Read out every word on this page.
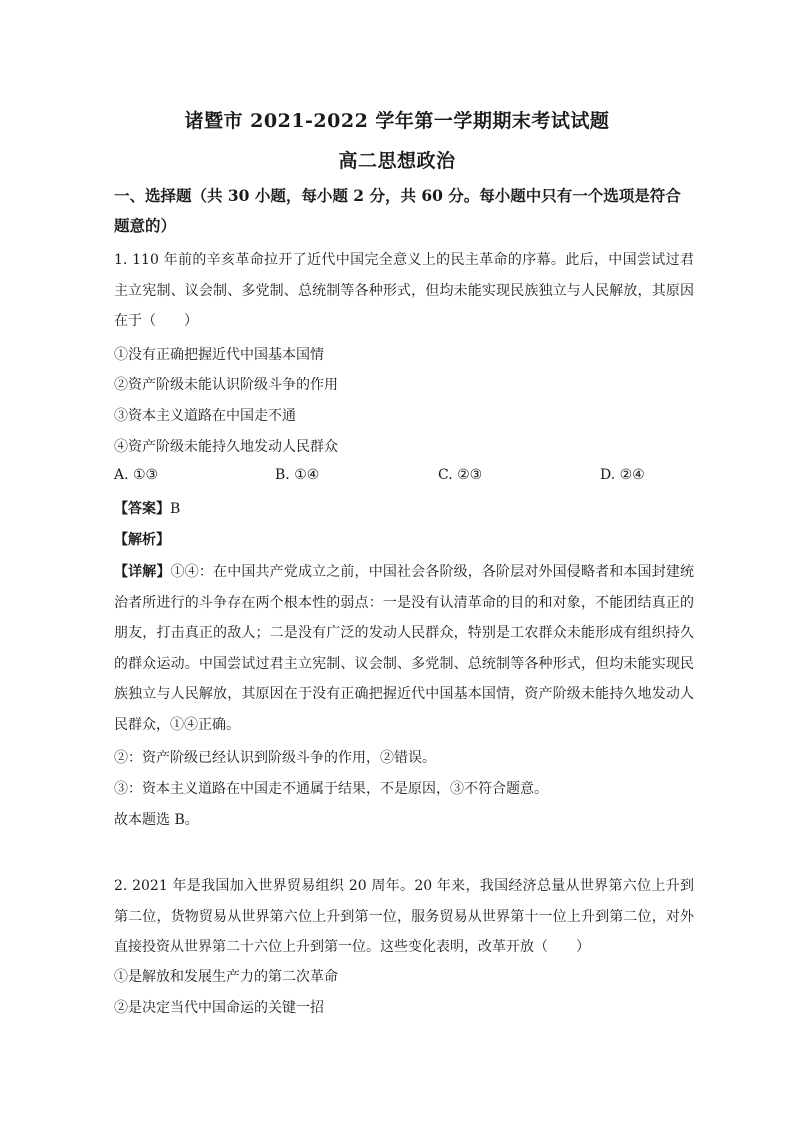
诸暨市 2021-2022 学年第一学期期末考试试题
高二思想政治
一、选择题（共 30 小题，每小题 2 分，共 60 分。每小题中只有一个选项是符合题意的）
1. 110 年前的辛亥革命拉开了近代中国完全意义上的民主革命的序幕。此后，中国尝试过君主立宪制、议会制、多党制、总统制等各种形式，但均未能实现民族独立与人民解放，其原因在于（　　）
①没有正确把握近代中国基本国情
②资产阶级未能认识阶级斗争的作用
③资本主义道路在中国走不通
④资产阶级未能持久地发动人民群众
A. ①③	B. ①④	C. ②③	D. ②④
【答案】B
【解析】
【详解】①④：在中国共产党成立之前，中国社会各阶级，各阶层对外国侵略者和本国封建统治者所进行的斗争存在两个根本性的弱点：一是没有认清革命的目的和对象，不能团结真正的朋友，打击真正的敌人；二是没有广泛的发动人民群众，特别是工农群众未能形成有组织持久的群众运动。中国尝试过君主立宪制、议会制、多党制、总统制等各种形式，但均未能实现民族独立与人民解放，其原因在于没有正确把握近代中国基本国情，资产阶级未能持久地发动人民群众，①④正确。
②：资产阶级已经认识到阶级斗争的作用，②错误。
③：资本主义道路在中国走不通属于结果，不是原因，③不符合题意。
故本题选 B。
2. 2021 年是我国加入世界贸易组织 20 周年。20 年来，我国经济总量从世界第六位上升到第二位，货物贸易从世界第六位上升到第一位，服务贸易从世界第十一位上升到第二位，对外直接投资从世界第二十六位上升到第一位。这些变化表明，改革开放（　　）
①是解放和发展生产力的第二次革命
②是决定当代中国命运的关键一招
